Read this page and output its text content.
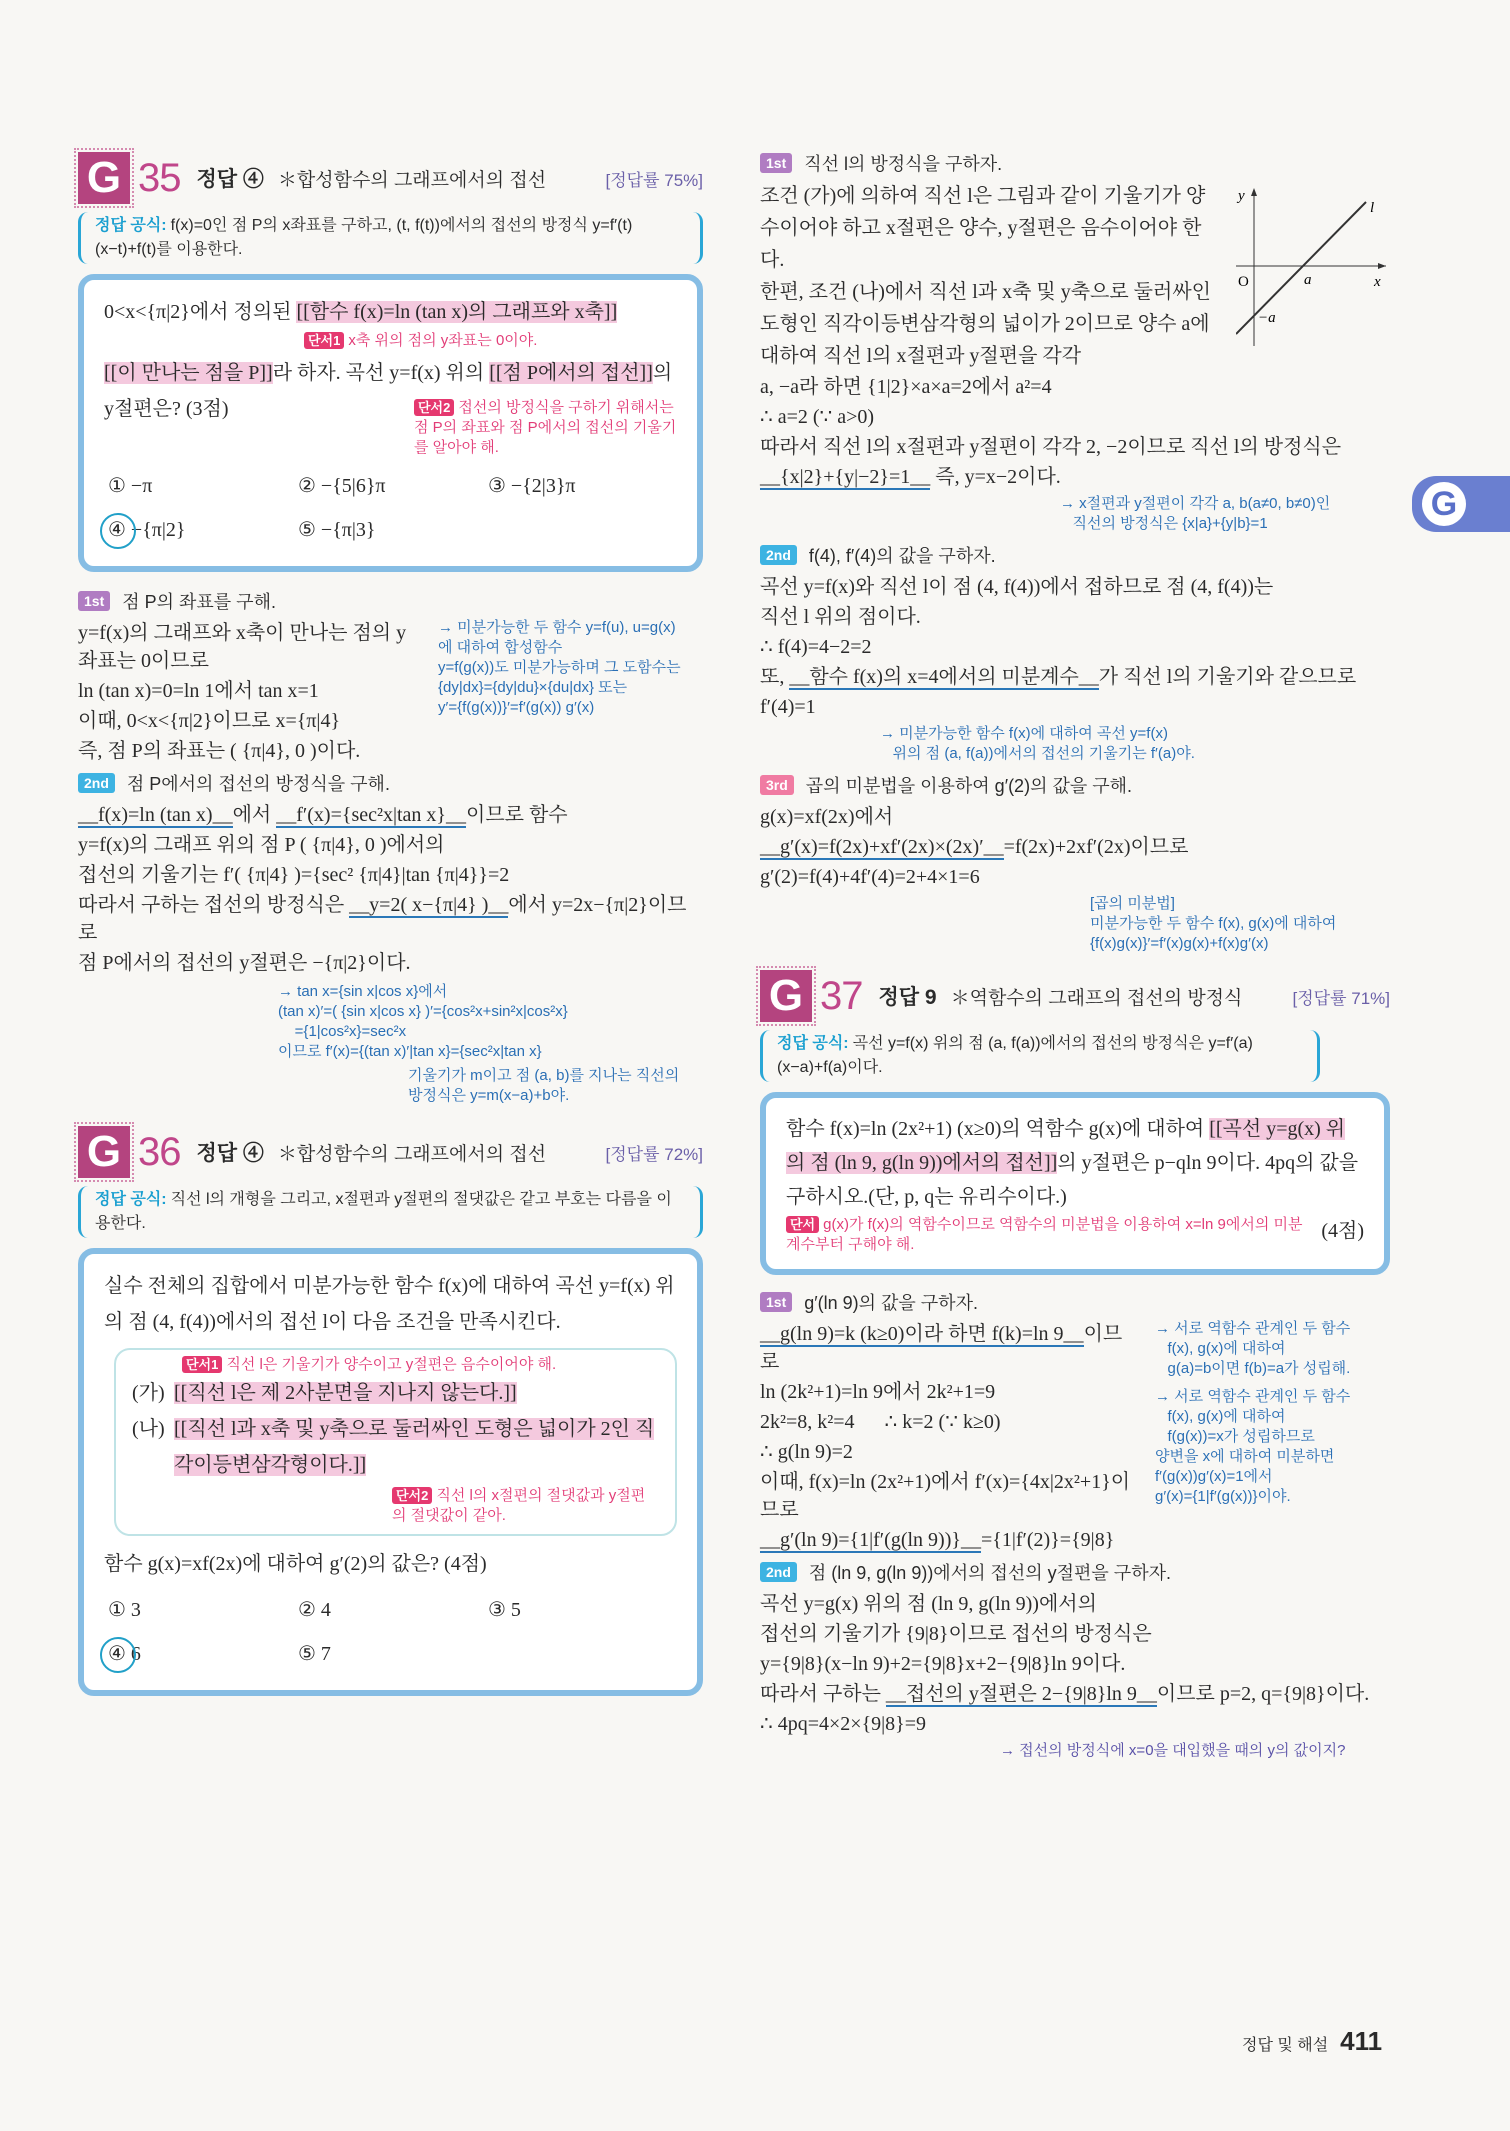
G 35 정답 ④ ＊합성함수의 그래프에서의 접선	[정답률 75%]
정답 공식: f(x)=0인 점 P의 x좌표를 구하고, (t, f(t))에서의 접선의 방정식 y=f′(t)(x−t)+f(t)를 이용한다.
0<x<{π|2}에서 정의된 [[함수 f(x)=ln (tan x)의 그래프와 x축]]
단서1 x축 위의 점의 y좌표는 0이야.
[[이 만나는 점을 P]]라 하자. 곡선 y=f(x) 위의 [[점 P에서의 접선]]의
y절편은? (3점)	단서2 접선의 방정식을 구하기 위해서는 점 P의 좌표와 점 P에서의 접선의 기울기를 알아야 해.
① −π	② −{5|6}π	③ −{2|3}π
④ −{π|2}	⑤ −{π|3}
1st	점 P의 좌표를 구해.
y=f(x)의 그래프와 x축이 만나는 점의 y좌표는 0이므로
ln (tan x)=0=ln 1에서 tan x=1
이때, 0<x<{π|2}이므로 x={π|4}
즉, 점 P의 좌표는 ( {π|4}, 0 )이다.
→ 미분가능한 두 함수 y=f(u), u=g(x)
에 대하여 합성함수
y=f(g(x))도 미분가능하며 그 도함수는
{dy|dx}={dy|du}×{du|dx} 또는
y′={f(g(x))}′=f′(g(x)) g′(x)
2nd	점 P에서의 접선의 방정식을 구해.
__f(x)=ln (tan x)__에서 __f′(x)={sec²x|tan x}__이므로 함수
y=f(x)의 그래프 위의 점 P ( {π|4}, 0 )에서의
접선의 기울기는 f′( {π|4} )={sec² {π|4}|tan {π|4}}=2
따라서 구하는 접선의 방정식은 __y=2( x−{π|4} )__에서 y=2x−{π|2}이므로
점 P에서의 접선의 y절편은 −{π|2}이다.
→ tan x={sin x|cos x}에서
(tan x)′=( {sin x|cos x} )′={cos²x+sin²x|cos²x}
={1|cos²x}=sec²x
이므로 f′(x)={(tan x)′|tan x}={sec²x|tan x}
기울기가 m이고 점 (a, b)를 지나는 직선의
방정식은 y=m(x−a)+b야.
G 36 정답 ④ ＊합성함수의 그래프에서의 접선	[정답률 72%]
정답 공식: 직선 l의 개형을 그리고, x절편과 y절편의 절댓값은 같고 부호는 다름을 이용한다.
실수 전체의 집합에서 미분가능한 함수 f(x)에 대하여 곡선 y=f(x) 위의 점 (4, f(4))에서의 접선 l이 다음 조건을 만족시킨다.
단서1 직선 l은 기울기가 양수이고 y절편은 음수이어야 해.
(가) [[직선 l은 제 2사분면을 지나지 않는다.]]
(나) [[직선 l과 x축 및 y축으로 둘러싸인 도형은 넓이가 2인 직각이등변삼각형이다.]]
단서2 직선 l의 x절편의 절댓값과 y절편의 절댓값이 같아.
함수 g(x)=xf(2x)에 대하여 g′(2)의 값은? (4점)
① 3	② 4	③ 5
④ 6	⑤ 7
1st	직선 l의 방정식을 구하자.
조건 (가)에 의하여 직선 l은 그림과 같이 기울기가 양수이어야 하고 x절편은 양수, y절편은 음수이어야 한다.
한편, 조건 (나)에서 직선 l과 x축 및 y축으로 둘러싸인 도형인 직각이등변삼각형의 넓이가 2이므로 양수 a에 대하여 직선 l의 x절편과 y절편을 각각
a, −a라 하면 {1|2}×a×a=2에서 a²=4
∴ a=2 (∵ a>0)
따라서 직선 l의 x절편과 y절편이 각각 2, −2이므로 직선 l의 방정식은
__{x|2}+{y|−2}=1__ 즉, y=x−2이다.
→ x절편과 y절편이 각각 a, b(a≠0, b≠0)인
직선의 방정식은 {x|a}+{y|b}=1
2nd	f(4), f′(4)의 값을 구하자.
곡선 y=f(x)와 직선 l이 점 (4, f(4))에서 접하므로 점 (4, f(4))는
직선 l 위의 점이다.
∴ f(4)=4−2=2
또, __함수 f(x)의 x=4에서의 미분계수__가 직선 l의 기울기와 같으므로
f′(4)=1
→ 미분가능한 함수 f(x)에 대하여 곡선 y=f(x)
위의 점 (a, f(a))에서의 접선의 기울기는 f′(a)야.
3rd	곱의 미분법을 이용하여 g′(2)의 값을 구해.
g(x)=xf(2x)에서
__g′(x)=f(2x)+xf′(2x)×(2x)′__=f(2x)+2xf′(2x)이므로
g′(2)=f(4)+4f′(4)=2+4×1=6
[곱의 미분법]
미분가능한 두 함수 f(x), g(x)에 대하여
{f(x)g(x)}′=f′(x)g(x)+f(x)g′(x)
G 37 정답 9 ＊역함수의 그래프의 접선의 방정식	[정답률 71%]
정답 공식: 곡선 y=f(x) 위의 점 (a, f(a))에서의 접선의 방정식은 y=f′(a)(x−a)+f(a)이다.
함수 f(x)=ln (2x²+1) (x≥0)의 역함수 g(x)에 대하여 [[곡선 y=g(x) 위의 점 (ln 9, g(ln 9))에서의 접선]]의 y절편은 p−qln 9이다. 4pq의 값을 구하시오.(단, p, q는 유리수이다.)
단서 g(x)가 f(x)의 역함수이므로 역함수의 미분법을 이용하여 x=ln 9에서의 미분계수부터 구해야 해.
(4점)
1st	g′(ln 9)의 값을 구하자.
__g(ln 9)=k (k≥0)이라 하면 f(k)=ln 9__이므로
ln (2k²+1)=ln 9에서 2k²+1=9
2k²=8, k²=4      ∴ k=2 (∵ k≥0)
∴ g(ln 9)=2
이때, f(x)=ln (2x²+1)에서 f′(x)={4x|2x²+1}이므로
__g′(ln 9)={1|f′(g(ln 9))}__={1|f′(2)}={9|8}
→ 서로 역함수 관계인 두 함수
f(x), g(x)에 대하여
g(a)=b이면 f(b)=a가 성립해.
→ 서로 역함수 관계인 두 함수
f(x), g(x)에 대하여
f(g(x))=x가 성립하므로
양변을 x에 대하여 미분하면
f′(g(x))g′(x)=1에서
g′(x)={1|f′(g(x))}이야.
2nd	점 (ln 9, g(ln 9))에서의 접선의 y절편을 구하자.
곡선 y=g(x) 위의 점 (ln 9, g(ln 9))에서의
접선의 기울기가 {9|8}이므로 접선의 방정식은
y={9|8}(x−ln 9)+2={9|8}x+2−{9|8}ln 9이다.
따라서 구하는 __접선의 y절편은 2−{9|8}ln 9__이므로 p=2, q={9|8}이다.
∴ 4pq=4×2×{9|8}=9
→ 접선의 방정식에 x=0을 대입했을 때의 y의 값이지?
y
x
O	a
−a
l
G
정답 및 해설 411
